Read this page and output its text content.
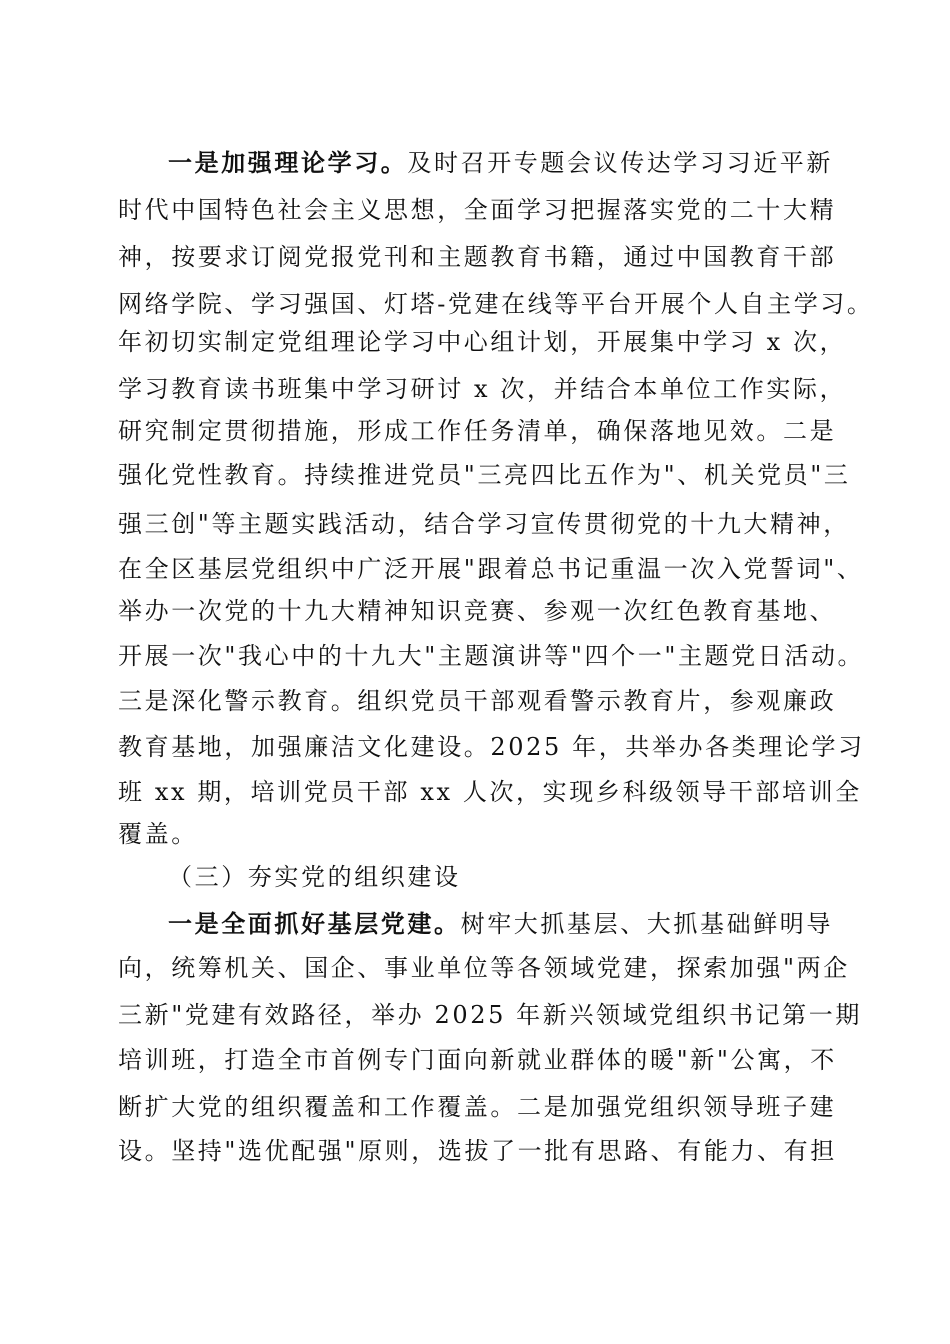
一是加强理论学习。及时召开专题会议传达学习习近平新
时代中国特色社会主义思想，全面学习把握落实党的二十大精
神，按要求订阅党报党刊和主题教育书籍，通过中国教育干部
网络学院、学习强国、灯塔-党建在线等平台开展个人自主学习。
年初切实制定党组理论学习中心组计划，开展集中学习 x 次，
学习教育读书班集中学习研讨 x 次，并结合本单位工作实际，
研究制定贯彻措施，形成工作任务清单，确保落地见效。二是
强化党性教育。持续推进党员"三亮四比五作为"、机关党员"三
强三创"等主题实践活动，结合学习宣传贯彻党的十九大精神，
在全区基层党组织中广泛开展"跟着总书记重温一次入党誓词"、
举办一次党的十九大精神知识竞赛、参观一次红色教育基地、
开展一次"我心中的十九大"主题演讲等"四个一"主题党日活动。
三是深化警示教育。组织党员干部观看警示教育片，参观廉政
教育基地，加强廉洁文化建设。2025 年，共举办各类理论学习
班 xx 期，培训党员干部 xx 人次，实现乡科级领导干部培训全
覆盖。
（三）夯实党的组织建设
一是全面抓好基层党建。树牢大抓基层、大抓基础鲜明导
向，统筹机关、国企、事业单位等各领域党建，探索加强"两企
三新"党建有效路径，举办 2025 年新兴领域党组织书记第一期
培训班，打造全市首例专门面向新就业群体的暖"新"公寓，不
断扩大党的组织覆盖和工作覆盖。二是加强党组织领导班子建
设。坚持"选优配强"原则，选拔了一批有思路、有能力、有担
